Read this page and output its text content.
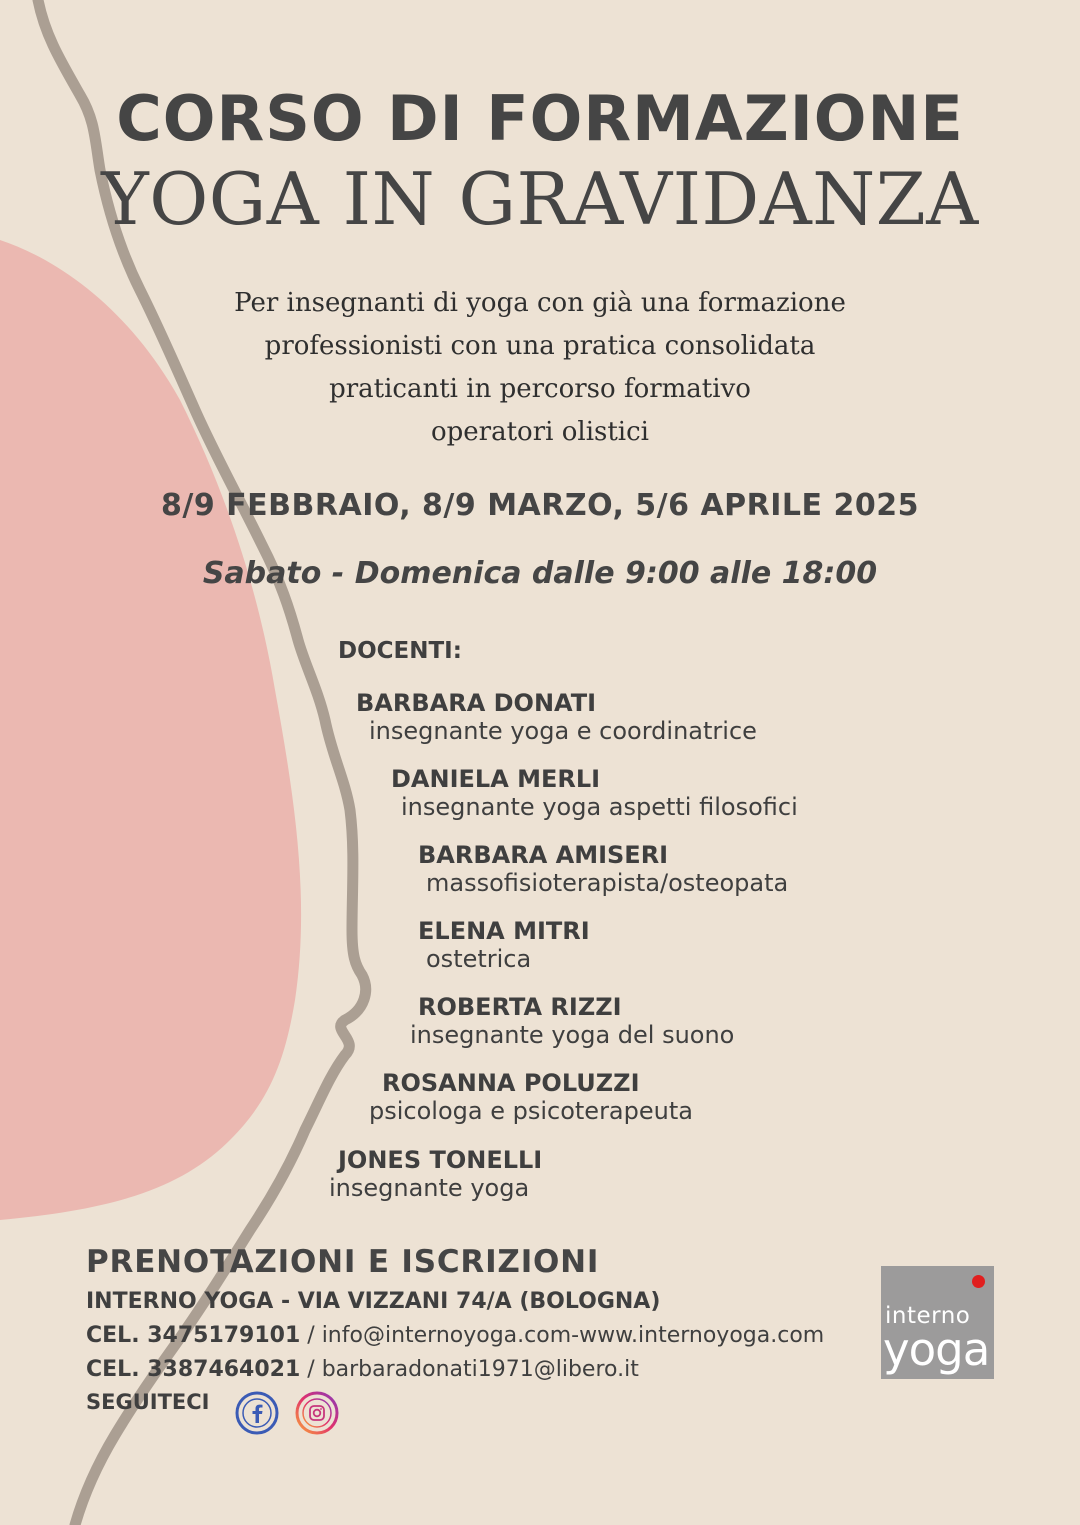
CORSO DI FORMAZIONE
YOGA IN GRAVIDANZA
Per insegnanti di yoga con già una formazione
professionisti con una pratica consolidata
praticanti in percorso formativo
operatori olistici
8/9 FEBBRAIO, 8/9 MARZO, 5/6 APRILE 2025
Sabato - Domenica dalle 9:00 alle 18:00
DOCENTI:
BARBARA DONATI
insegnante yoga e coordinatrice
DANIELA MERLI
insegnante yoga aspetti filosofici
BARBARA AMISERI
massofisioterapista/osteopata
ELENA MITRI
ostetrica
ROBERTA RIZZI
insegnante yoga del suono
ROSANNA POLUZZI
psicologa e psicoterapeuta
JONES TONELLI
insegnante yoga
PRENOTAZIONI E ISCRIZIONI
INTERNO YOGA - VIA VIZZANI 74/A (BOLOGNA)
CEL. 3475179101 / info@internoyoga.com-www.internoyoga.com
CEL. 3387464021 / barbaradonati1971@libero.it
SEGUITECI
interno
yoga
